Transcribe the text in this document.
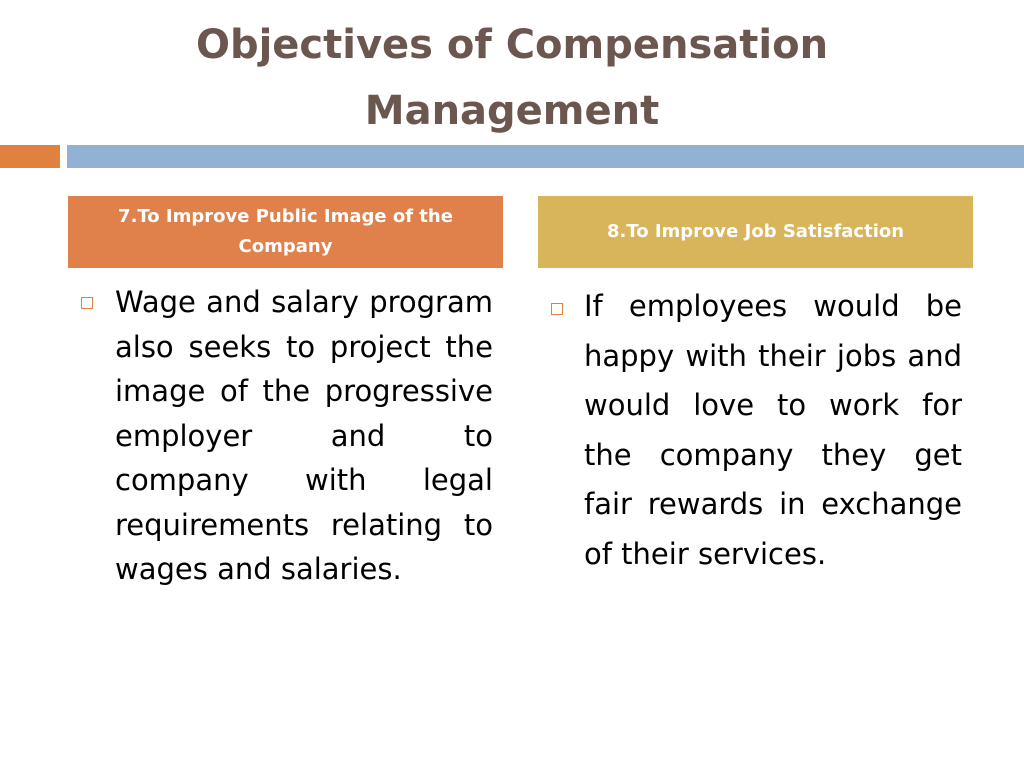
Objectives of Compensation Management
7.To Improve Public Image of the Company
8.To Improve Job Satisfaction
Wage and salary program also seeks to project the image of the progressive employer and to company with legal requirements relating to wages and salaries.
If employees would be happy with their jobs and would love to work for the company they get fair rewards in exchange of their services.
